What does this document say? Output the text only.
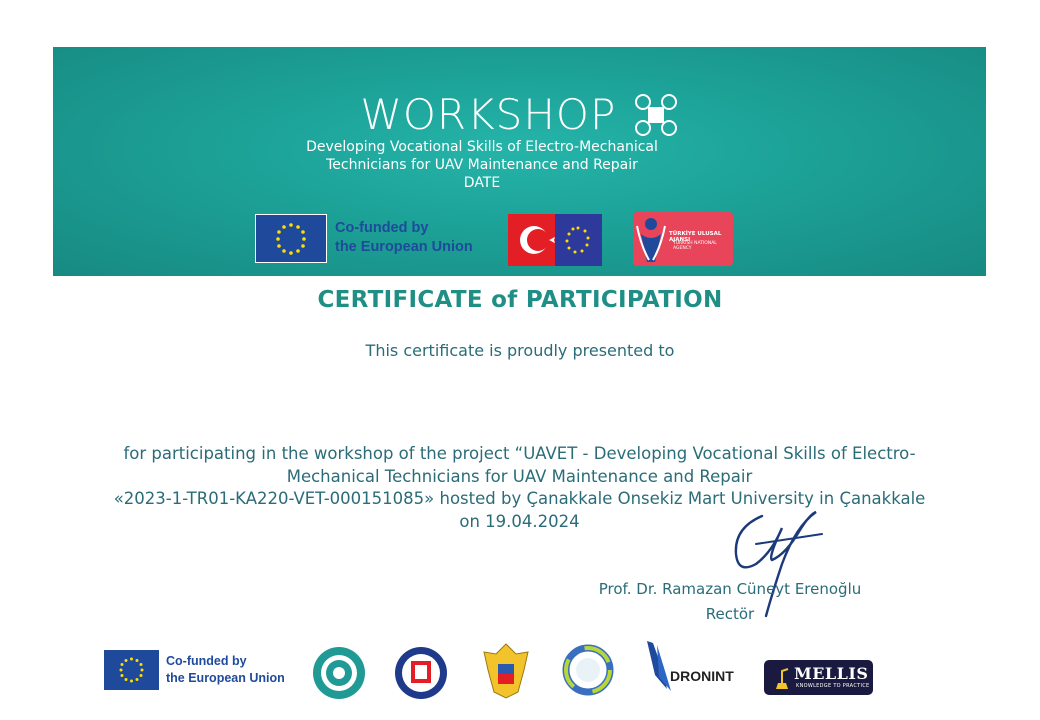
WORKSHOP
Developing Vocational Skills of Electro-Mechanical
Technicians for UAV Maintenance and Repair
DATE
Co-funded by
the European Union
TÜRKİYE ULUSAL AJANSI
TURKISH NATIONAL AGENCY
CERTIFICATE of PARTICIPATION
This certificate is proudly presented to
for participating in the workshop of the project “UAVET - Developing Vocational Skills of Electro-
Mechanical Technicians for UAV Maintenance and Repair
«2023-1-TR01-KA220-VET-000151085» hosted by Çanakkale Onsekiz Mart University in Çanakkale
on 19.04.2024
Prof. Dr. Ramazan Cüneyt Erenoğlu
Rectör
Co-funded by
the European Union	DRONINT	MELLIS
KNOWLEDGE TO PRACTICE
